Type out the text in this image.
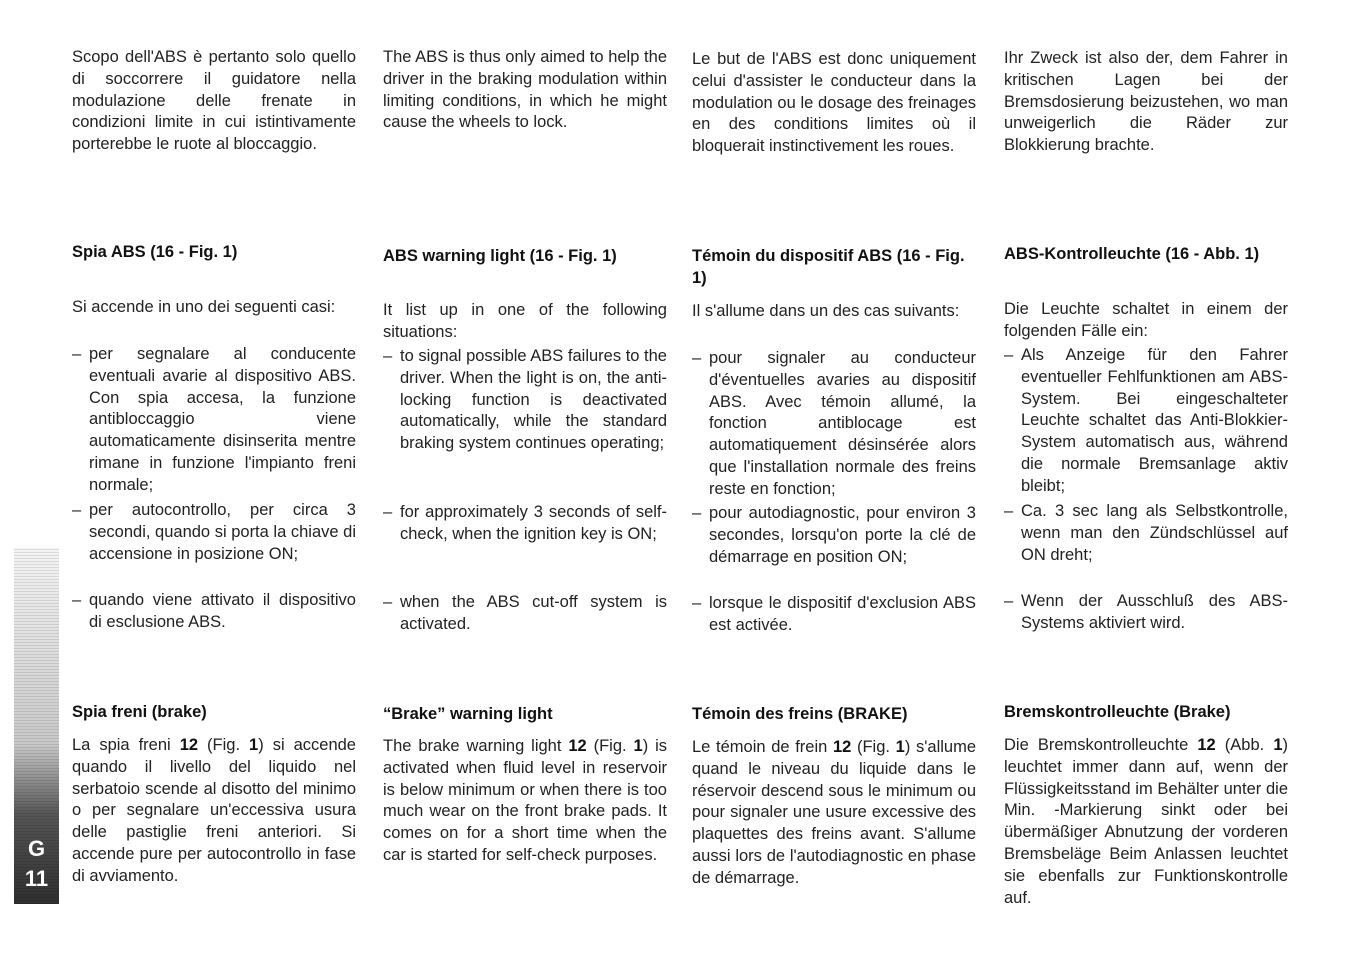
G
11

Scopo dell'ABS è pertanto solo quello di soccorrere il guidatore nella modulazione delle frenate in condizioni limite in cui istintivamente porterebbe le ruote al bloccaggio.

Spia ABS (16 - Fig. 1)

Si accende in uno dei seguenti casi:

– per segnalare al conducente eventuali avarie al dispositivo ABS. Con spia accesa, la funzione antibloccaggio viene automaticamente disinserita mentre rimane in funzione l'impianto freni normale;
– per autocontrollo, per circa 3 secondi, quando si porta la chiave di accensione in posizione ON;
– quando viene attivato il dispositivo di esclusione ABS.
Spia freni (brake)

La spia freni 12 (Fig. 1) si accende quando il livello del liquido nel serbatoio scende al disotto del minimo o per segnalare un'eccessiva usura delle pastiglie freni anteriori. Si accende pure per autocontrollo in fase di avviamento.

The ABS is thus only aimed to help the driver in the braking modulation within limiting conditions, in which he might cause the wheels to lock.

ABS warning light (16 - Fig. 1)

It list up in one of the following situations:

– to signal possible ABS failures to the driver. When the light is on, the anti-locking function is deactivated automatically, while the standard braking system continues operating;
– for approximately 3 seconds of self-check, when the ignition key is ON;
– when the ABS cut-off system is activated.
“Brake” warning light

The brake warning light 12 (Fig. 1) is activated when fluid level in reservoir is below minimum or when there is too much wear on the front brake pads. It comes on for a short time when the car is started for self-check purposes.

Le but de l'ABS est donc uniquement celui d'assister le conducteur dans la modulation ou le dosage des freinages en des conditions limites où il bloquerait instinctivement les roues.

Témoin du dispositif ABS (16 - Fig. 1)

Il s'allume dans un des cas suivants:

– pour signaler au conducteur d'éventuelles avaries au dispositif ABS. Avec témoin allumé, la fonction antiblocage est automatiquement désinsérée alors que l'installation normale des freins reste en fonction;
– pour autodiagnostic, pour environ 3 secondes, lorsqu'on porte la clé de démarrage en position ON;
– lorsque le dispositif d'exclusion ABS est activée.
Témoin des freins (BRAKE)

Le témoin de frein 12 (Fig. 1) s'allume quand le niveau du liquide dans le réservoir descend sous le minimum ou pour signaler une usure excessive des plaquettes des freins avant. S'allume aussi lors de l'autodiagnostic en phase de démarrage.

Ihr Zweck ist also der, dem Fahrer in kritischen Lagen bei der Bremsdosierung beizustehen, wo man unweigerlich die Räder zur Blokkierung brachte.

ABS-Kontrolleuchte (16 - Abb. 1)

Die Leuchte schaltet in einem der folgenden Fälle ein:

– Als Anzeige für den Fahrer eventueller Fehlfunktionen am ABS-System. Bei eingeschalteter Leuchte schaltet das Anti-Blokkier-System automatisch aus, während die normale Bremsanlage aktiv bleibt;
– Ca. 3 sec lang als Selbstkontrolle, wenn man den Zündschlüssel auf ON dreht;
– Wenn der Ausschluß des ABS-Systems aktiviert wird.
Bremskontrolleuchte (Brake)

Die Bremskontrolleuchte 12 (Abb. 1) leuchtet immer dann auf, wenn der Flüssigkeitsstand im Behälter unter die Min. -Markierung sinkt oder bei übermäßiger Abnutzung der vorderen Bremsbeläge Beim Anlassen leuchtet sie ebenfalls zur Funktionskontrolle auf.
